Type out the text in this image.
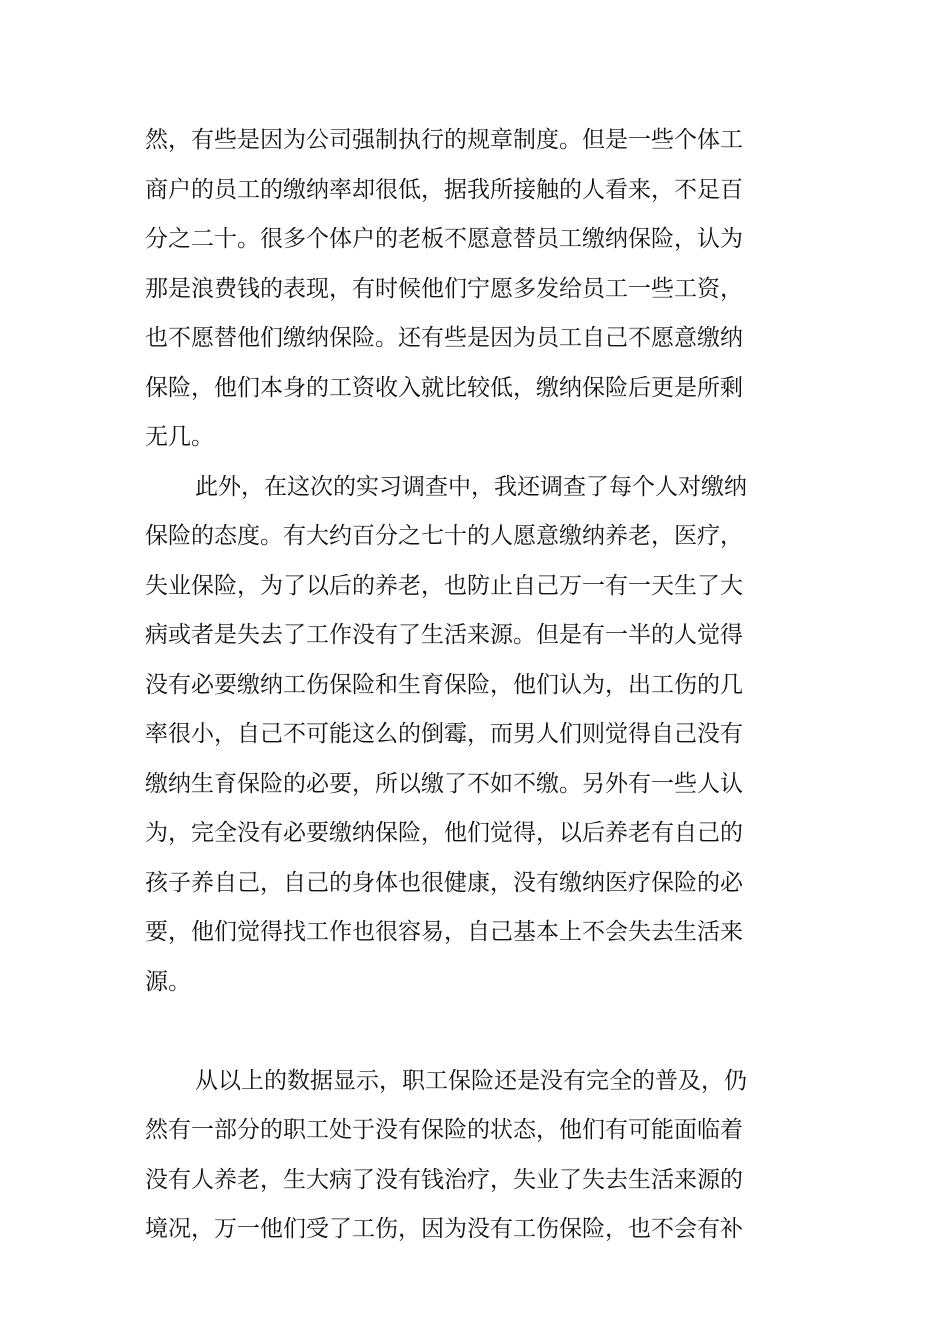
然，有些是因为公司强制执行的规章制度。但是一些个体工
商户的员工的缴纳率却很低，据我所接触的人看来，不足百
分之二十。很多个体户的老板不愿意替员工缴纳保险，认为
那是浪费钱的表现，有时候他们宁愿多发给员工一些工资，
也不愿替他们缴纳保险。还有些是因为员工自己不愿意缴纳
保险，他们本身的工资收入就比较低，缴纳保险后更是所剩
无几。
此外，在这次的实习调查中，我还调查了每个人对缴纳
保险的态度。有大约百分之七十的人愿意缴纳养老，医疗，
失业保险，为了以后的养老，也防止自己万一有一天生了大
病或者是失去了工作没有了生活来源。但是有一半的人觉得
没有必要缴纳工伤保险和生育保险，他们认为，出工伤的几
率很小，自己不可能这么的倒霉，而男人们则觉得自己没有
缴纳生育保险的必要，所以缴了不如不缴。另外有一些人认
为，完全没有必要缴纳保险，他们觉得，以后养老有自己的
孩子养自己，自己的身体也很健康，没有缴纳医疗保险的必
要，他们觉得找工作也很容易，自己基本上不会失去生活来
源。
从以上的数据显示，职工保险还是没有完全的普及，仍
然有一部分的职工处于没有保险的状态，他们有可能面临着
没有人养老，生大病了没有钱治疗，失业了失去生活来源的
境况，万一他们受了工伤，因为没有工伤保险，也不会有补
